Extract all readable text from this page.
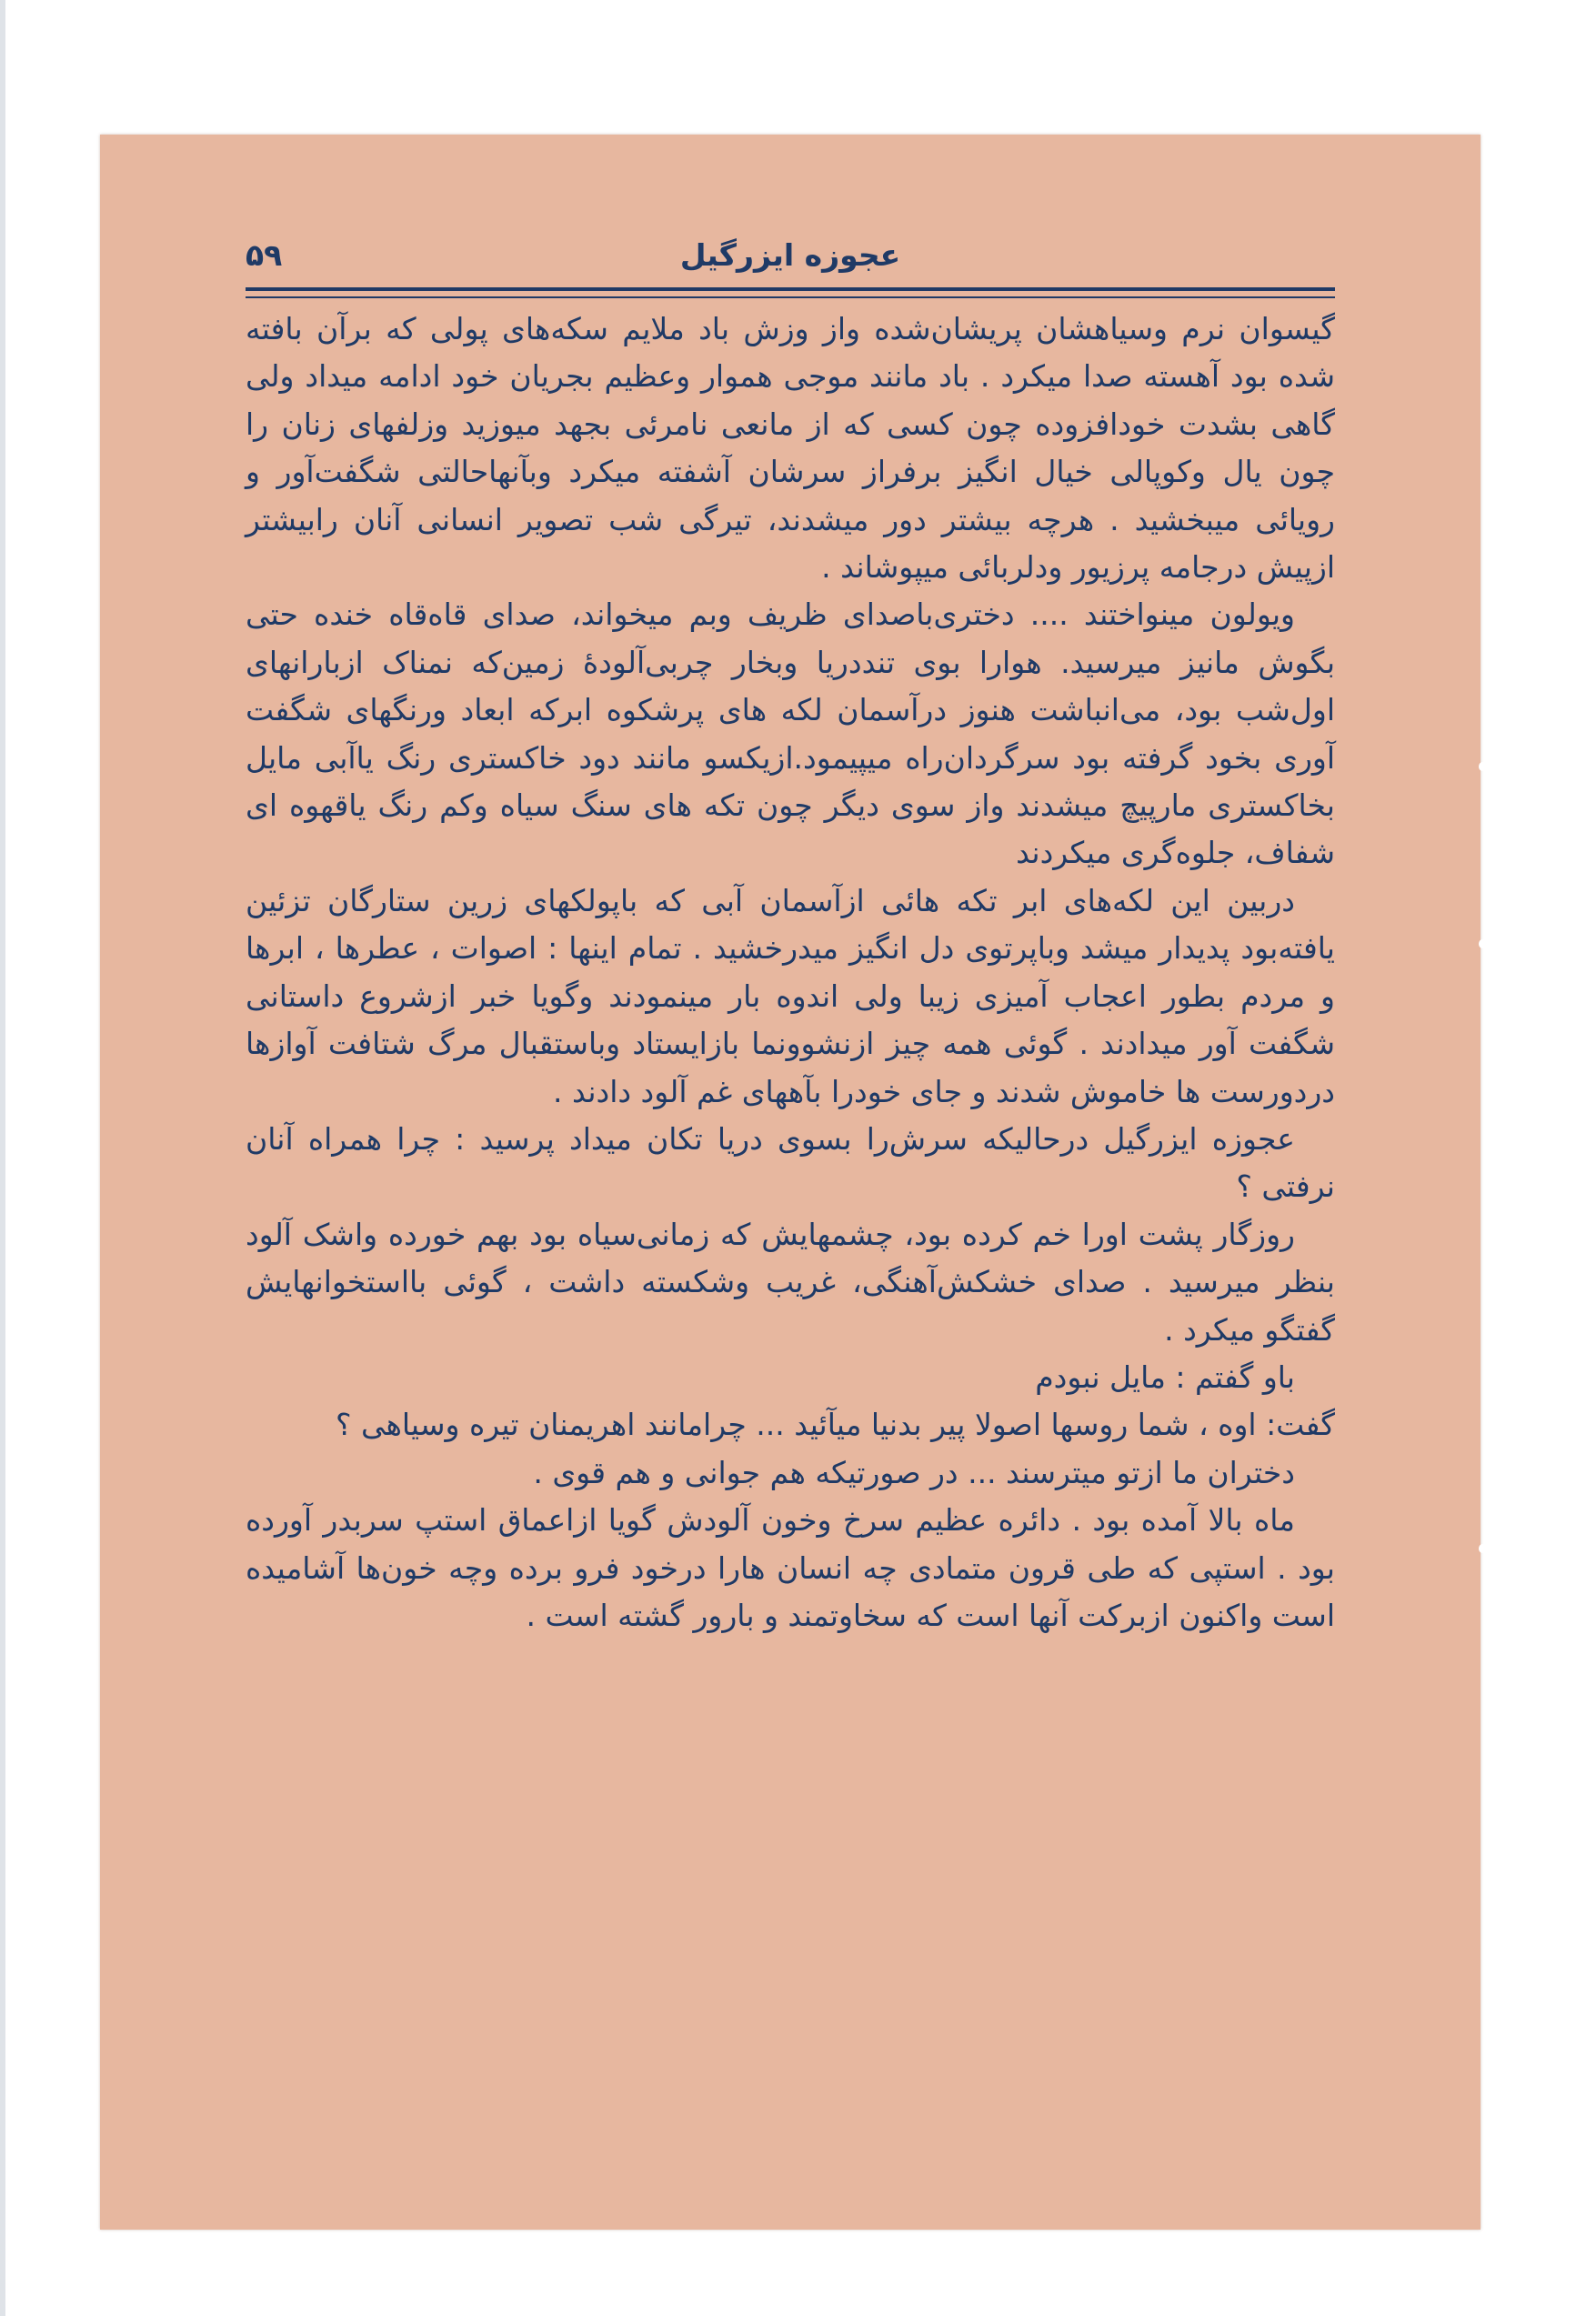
عجوزه ایزرگیل
۵۹

گیسوان نرم وسیاهشان پریشان‌شده واز وزش باد ملایم سکه‌های پولی که برآن بافته شده بود آهسته صدا میکرد . باد مانند موجی هموار وعظیم بجریان خود ادامه میداد ولی گاهی بشدت خودافزوده چون کسی که از مانعی نامرئی بجهد میوزید وزلفهای زنان را چون یال وکوپالی خیال انگیز برفراز سرشان آشفته میکرد وبآنهاحالتی شگفت‌آور و رویائی میبخشید . هرچه بیشتر دور میشدند، تیرگی شب تصویر انسانی آنان رابیشتر ازپیش درجامه پرزیور ودلربائی میپوشاند .

ویولون مینواختند .... دختری‌باصدای ظریف وبم میخواند، صدای قاه‌قاه خنده حتی بگوش مانیز میرسید. هوارا بوی تنددریا وبخار چربی‌آلودهٔ زمین‌که نمناک ازبارانهای اول‌شب بود، می‌انباشت هنوز درآسمان لکه های پرشکوه ابرکه ابعاد ورنگهای شگفت آوری بخود گرفته بود سرگردان‌راه میپیمود.ازیکسو مانند دود خاکستری رنگ یاآبی مایل بخاکستری مارپیچ میشدند واز سوی دیگر چون تکه های سنگ سیاه وکم رنگ یاقهوه ای شفاف، جلوه‌گری میکردند

دربین این لکه‌های ابر تکه هائی ازآسمان آبی که باپولکهای زرین ستارگان تزئین یافته‌بود پدیدار میشد وباپرتوی دل انگیز میدرخشید . تمام اینها : اصوات ، عطرها ، ابرها و مردم بطور اعجاب آمیزی زیبا ولی اندوه بار مینمودند وگویا خبر ازشروع داستانی شگفت آور میدادند . گوئی همه چیز ازنشوونما بازایستاد وباستقبال مرگ شتافت آوازها دردورست ها خاموش شدند و جای خودرا بآههای غم آلود دادند .

عجوزه ایزرگیل درحالیکه سرش‌را بسوی دریا تکان میداد پرسید : چرا همراه آنان نرفتی ؟

روزگار پشت اورا خم کرده بود، چشمهایش که زمانی‌سیاه بود بهم خورده واشک آلود بنظر میرسید . صدای خشکش‌آهنگی، غریب وشکسته داشت ، گوئی بااستخوانهایش گفتگو میکرد .

باو گفتم : مایل نبودم

گفت: اوه ، شما روسها اصولا پیر بدنیا میآئید ... چرامانند اهریمنان تیره وسیاهی ؟

دختران ما ازتو میترسند ... در صورتیکه هم جوانی و هم قوی .

ماه بالا آمده بود . دائره عظیم سرخ وخون آلودش گویا ازاعماق استپ سربدر آورده بود . استپی که طی قرون متمادی چه انسان هارا درخود فرو برده وچه خون‌ها آشامیده است واکنون ازبرکت آنها است که سخاوتمند و بارور گشته است .
